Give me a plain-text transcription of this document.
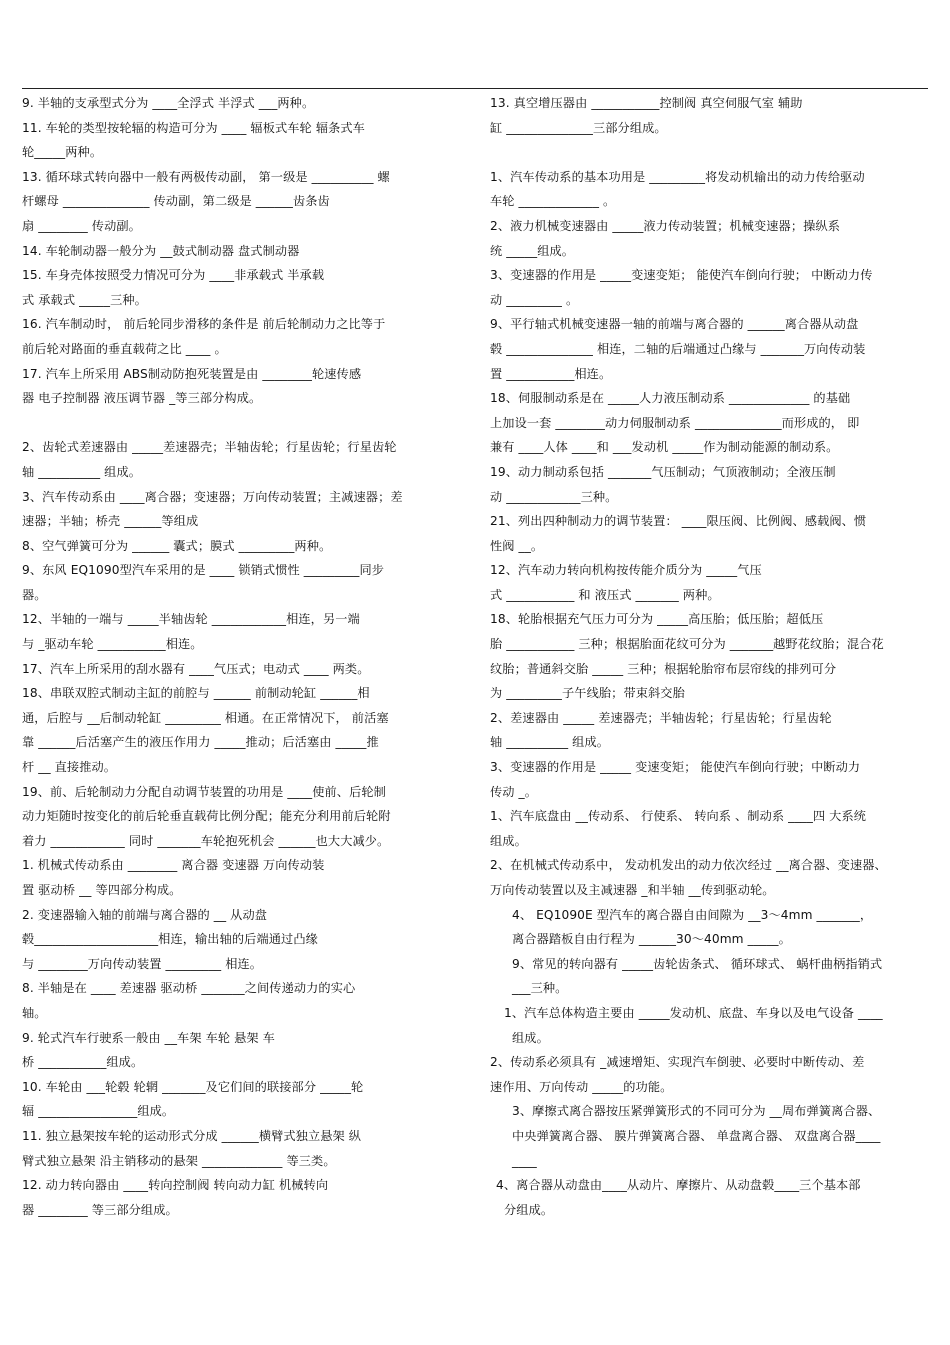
9. 半轴的支承型式分为 ____全浮式 半浮式 ___两种。
11. 车轮的类型按轮辐的构造可分为 ____ 辐板式车轮 辐条式车
轮_____两种。
13. 循环球式转向器中一般有两极传动副， 第一级是 __________ 螺
杆螺母 ______________ 传动副，第二级是 ______齿条齿
扇 ________ 传动副。
14. 车轮制动器一般分为 __鼓式制动器 盘式制动器
15. 车身壳体按照受力情况可分为 ____非承载式 半承载
式 承载式 _____三种。
16. 汽车制动时， 前后轮同步滑移的条件是 前后轮制动力之比等于
前后轮对路面的垂直载荷之比 ____ 。
17. 汽车上所采用 ABS制动防抱死装置是由 ________轮速传感
器 电子控制器 液压调节器 _等三部分构成。
2、齿轮式差速器由 _____差速器壳；半轴齿轮；行星齿轮；行星齿轮
轴 __________ 组成。
3、汽车传动系由 ____离合器；变速器；万向传动装置；主减速器；差
速器；半轴；桥壳 ______等组成
8、空气弹簧可分为 ______ 囊式；膜式 _________两种。
9、东风 EQ1090型汽车采用的是 ____ 锁销式惯性 _________同步
器。
12、半轴的一端与 _____半轴齿轮 ____________相连，另一端
与 _驱动车轮 ___________相连。
17、汽车上所采用的刮水器有 ____气压式；电动式 ____ 两类。
18、串联双腔式制动主缸的前腔与 ______ 前制动轮缸 ______相
通，后腔与 __后制动轮缸 _________ 相通。在正常情况下， 前活塞
靠 ______后活塞产生的液压作用力 _____推动；后活塞由 _____推
杆 __ 直接推动。
19、前、后轮制动力分配自动调节装置的功用是 ____使前、后轮制
动力矩随时按变化的前后轮垂直载荷比例分配；能充分利用前后轮附
着力 ____________ 同时 _______车轮抱死机会 ______也大大减少。
1. 机械式传动系由 ________ 离合器 变速器 万向传动装
置 驱动桥 __ 等四部分构成。
2. 变速器输入轴的前端与离合器的 __ 从动盘
毂____________________相连，输出轴的后端通过凸缘
与 ________万向传动装置 _________ 相连。
8. 半轴是在 ____ 差速器 驱动桥 _______之间传递动力的实心
轴。
9. 轮式汽车行驶系一般由 __车架 车轮 悬架 车
桥 ___________组成。
10. 车轮由 ___轮毂 轮辋 _______及它们间的联接部分 _____轮
辐 ________________组成。
11. 独立悬架按车轮的运动形式分成 ______横臂式独立悬架 纵
臂式独立悬架 沿主销移动的悬架 _____________ 等三类。
12. 动力转向器由 ____转向控制阀 转向动力缸 机械转向
器 ________ 等三部分组成。
13. 真空增压器由 ___________控制阀 真空伺服气室 辅助
缸 ______________三部分组成。
1、汽车传动系的基本功用是 _________将发动机输出的动力传给驱动
车轮 _____________ 。
2、液力机械变速器由 _____液力传动装置；机械变速器；操纵系
统 _____组成。
3、变速器的作用是 _____变速变矩； 能使汽车倒向行驶； 中断动力传
动 _________ 。
9、平行轴式机械变速器一轴的前端与离合器的 ______离合器从动盘
毂 ______________ 相连，二轴的后端通过凸缘与 _______万向传动装
置 ___________相连。
18、伺服制动系是在 _____人力液压制动系 _____________ 的基础
上加设一套 ________动力伺服制动系 ______________而形成的， 即
兼有 ____人体 ____和 ___发动机 _____作为制动能源的制动系。
19、动力制动系包括 _______气压制动；气顶液制动；全液压制
动 ____________三种。
21、列出四种制动力的调节装置： ____限压阀、比例阀、感载阀、惯
性阀 __。
12、汽车动力转向机构按传能介质分为 _____气压
式 ___________ 和 液压式 _______ 两种。
18、轮胎根据充气压力可分为 _____高压胎；低压胎；超低压
胎 ___________ 三种；根据胎面花纹可分为 _______越野花纹胎；混合花
纹胎；普通斜交胎 _____ 三种；根据轮胎帘布层帘线的排列可分
为 _________子午线胎；带束斜交胎
2、差速器由 _____ 差速器壳；半轴齿轮；行星齿轮；行星齿轮
轴 __________ 组成。
3、变速器的作用是 _____ 变速变矩； 能使汽车倒向行驶；中断动力
传动 _。
1、汽车底盘由 __传动系、 行使系、 转向系 、制动系 ____四 大系统
组成。
2、在机械式传动系中， 发动机发出的动力依次经过 __离合器、变速器、
万向传动装置以及主减速器 _和半轴 __传到驱动轮。
4、 EQ1090E 型汽车的离合器自由间隙为 __3～4mm _______，
离合器踏板自由行程为 ______30～40mm _____。
9、常见的转向器有 _____齿轮齿条式、 循环球式、 蜗杆曲柄指销式
___三种。
1、汽车总体构造主要由 _____发动机、底盘、车身以及电气设备 ____
组成。
2、传动系必须具有 _减速增矩、实现汽车倒驶、必要时中断传动、差
速作用、万向传动 _____的功能。
3、摩擦式离合器按压紧弹簧形式的不同可分为 __周布弹簧离合器、
中央弹簧离合器、 膜片弹簧离合器、 单盘离合器、 双盘离合器____
____
4、离合器从动盘由____从动片、摩擦片、从动盘毂____三个基本部
分组成。
